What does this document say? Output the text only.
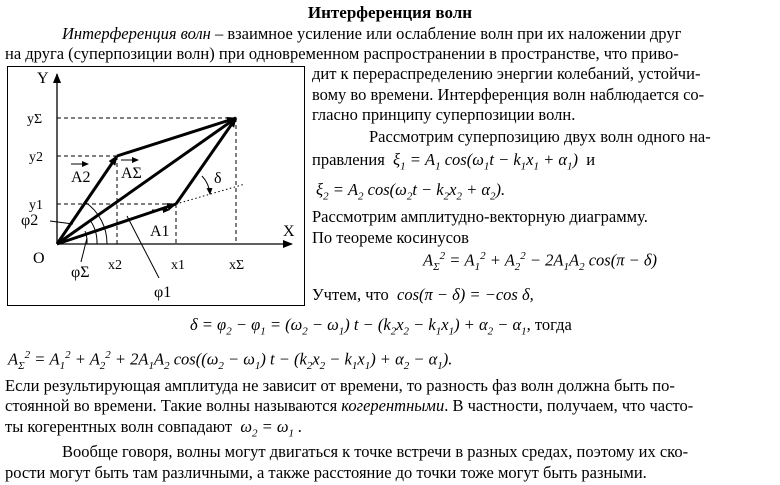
Интерференция волн
Интерференция волн – взаимное усиление или ослабление волн при их наложении друг
на друга (суперпозиции волн) при одновременном распространении в пространстве, что приво-
дит к перераспределению энергии колебаний, устойчи-
вому во времени. Интерференция волн наблюдается со-
гласно принципу суперпозиции волн.
Рассмотрим суперпозицию двух волн одного на-
правления  $\xi_1 = A_1$ $\cos(\omega_1t - k_1x_1 + \alpha_1)$  и
$\xi_2 = A_2$ $\cos(\omega_2t - k_2x_2 + \alpha_2)$.
Рассмотрим амплитудно-векторную диаграмму.
По теореме косинусов
$A_\Sigma^2 = A_1^2 + A_2^2 - 2A_1A_2$ cos(π − δ)
Учтем, что  cos(π − δ) = −cos δ,
$\delta = \varphi_2 - \varphi_1 = (\omega_2 - \omega_1) t - (k_2x_2 - k_1x_1) + \alpha_2 - \alpha_1$, тогда
$A_\Sigma^2 = A_1^2 + A_2^2 + 2A_1A_2$ $\cos((\omega_2 - \omega_1) t - (k_2x_2 - k_1x_1) + \alpha_2 - \alpha_1)$.
Если результирующая амплитуда не зависит от времени, то разность фаз волн должна быть по-
стоянной во времени. Такие волны называются когерентными. В частности, получаем, что часто-
ты когерентных волн совпадают  $\omega_2 = \omega_1$ .
Вообще говоря, волны могут двигаться к точке встречи в разных средах, поэтому их ско-
рости могут быть там различными, а также расстояние до точки тоже могут быть разными.
Y
X
O
yΣ
y2
y1
x2	x1	xΣ
A1
A2 AΣ
φ2
φΣ
φ1
δ
